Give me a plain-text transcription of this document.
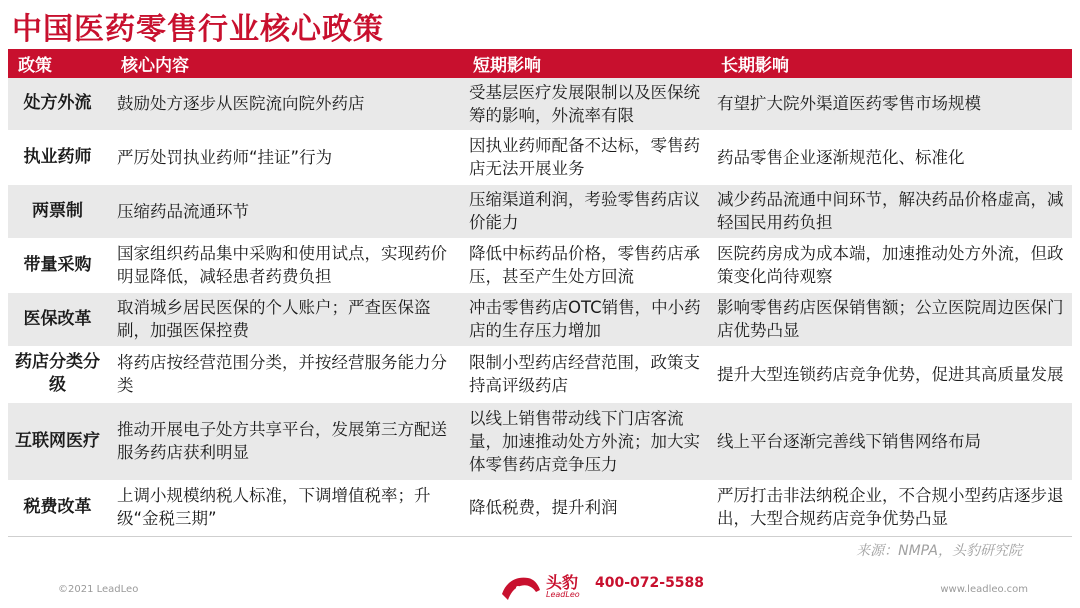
中国医药零售行业核心政策
政策	核心内容	短期影响	长期影响
处方外流	鼓励处方逐步从医院流向院外药店	受基层医疗发展限制以及医保统筹的影响，外流率有限	有望扩大院外渠道医药零售市场规模
执业药师	严厉处罚执业药师“挂证”行为	因执业药师配备不达标，零售药店无法开展业务	药品零售企业逐渐规范化、标准化
两票制	压缩药品流通环节	压缩渠道利润，考验零售药店议价能力	减少药品流通中间环节，解决药品价格虚高，减轻国民用药负担
带量采购	国家组织药品集中采购和使用试点，实现药价明显降低，减轻患者药费负担	降低中标药品价格，零售药店承压，甚至产生处方回流	医院药房成为成本端，加速推动处方外流，但政策变化尚待观察
医保改革	取消城乡居民医保的个人账户；严查医保盗刷，加强医保控费	冲击零售药店OTC销售，中小药店的生存压力增加	影响零售药店医保销售额；公立医院周边医保门店优势凸显
药店分类分级	将药店按经营范围分类，并按经营服务能力分类	限制小型药店经营范围，政策支持高评级药店	提升大型连锁药店竞争优势，促进其高质量发展
互联网医疗	推动开展电子处方共享平台，发展第三方配送服务药店获利明显	以线上销售带动线下门店客流量，加速推动处方外流；加大实体零售药店竞争压力	线上平台逐渐完善线下销售网络布局
税费改革	上调小规模纳税人标准，下调增值税率；升级“金税三期”	降低税费，提升利润	严厉打击非法纳税企业，不合规小型药店逐步退出，大型合规药店竞争优势凸显
来源：NMPA，头豹研究院
©2021 LeadLeo	头豹
LeadLeo
400-072-5588	www.leadleo.com
